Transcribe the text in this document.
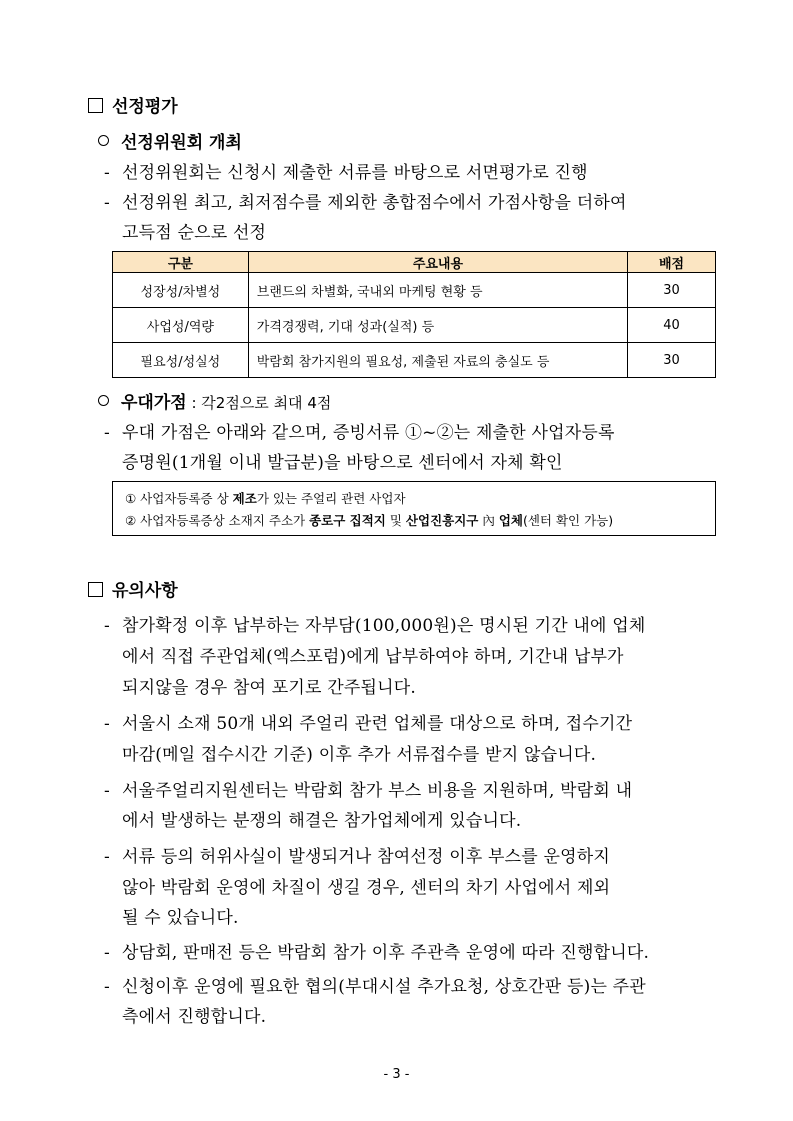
선정평가
선정위원회 개최
- 선정위원회는 신청시 제출한 서류를 바탕으로 서면평가로 진행
- 선정위원 최고, 최저점수를 제외한 총합점수에서 가점사항을 더하여
고득점 순으로 선정
구분	주요내용	배점
성장성/차별성	브랜드의 차별화, 국내외 마케팅 현황 등	30
사업성/역량	가격경쟁력, 기대 성과(실적) 등	40
필요성/성실성	박람회 참가지원의 필요성, 제출된 자료의 충실도 등	30
우대가점 : 각2점으로 최대 4점
- 우대 가점은 아래와 같으며, 증빙서류 ①~②는 제출한 사업자등록
증명원(1개월 이내 발급분)을 바탕으로 센터에서 자체 확인
① 사업자등록증 상 제조가 있는 주얼리 관련 사업자
② 사업자등록증상 소재지 주소가 종로구 집적지 및 산업진흥지구 內 업체(센터 확인 가능)
유의사항
- 참가확정 이후 납부하는 자부담(100,000원)은 명시된 기간 내에 업체
에서 직접 주관업체(엑스포럼)에게 납부하여야 하며, 기간내 납부가
되지않을 경우 참여 포기로 간주됩니다.
- 서울시 소재 50개 내외 주얼리 관련 업체를 대상으로 하며, 접수기간
마감(메일 접수시간 기준) 이후 추가 서류접수를 받지 않습니다.
- 서울주얼리지원센터는 박람회 참가 부스 비용을 지원하며, 박람회 내
에서 발생하는 분쟁의 해결은 참가업체에게 있습니다.
- 서류 등의 허위사실이 발생되거나 참여선정 이후 부스를 운영하지
않아 박람회 운영에 차질이 생길 경우, 센터의 차기 사업에서 제외
될 수 있습니다.
- 상담회, 판매전 등은 박람회 참가 이후 주관측 운영에 따라 진행합니다.
- 신청이후 운영에 필요한 협의(부대시설 추가요청, 상호간판 등)는 주관
측에서 진행합니다.
- 3 -
